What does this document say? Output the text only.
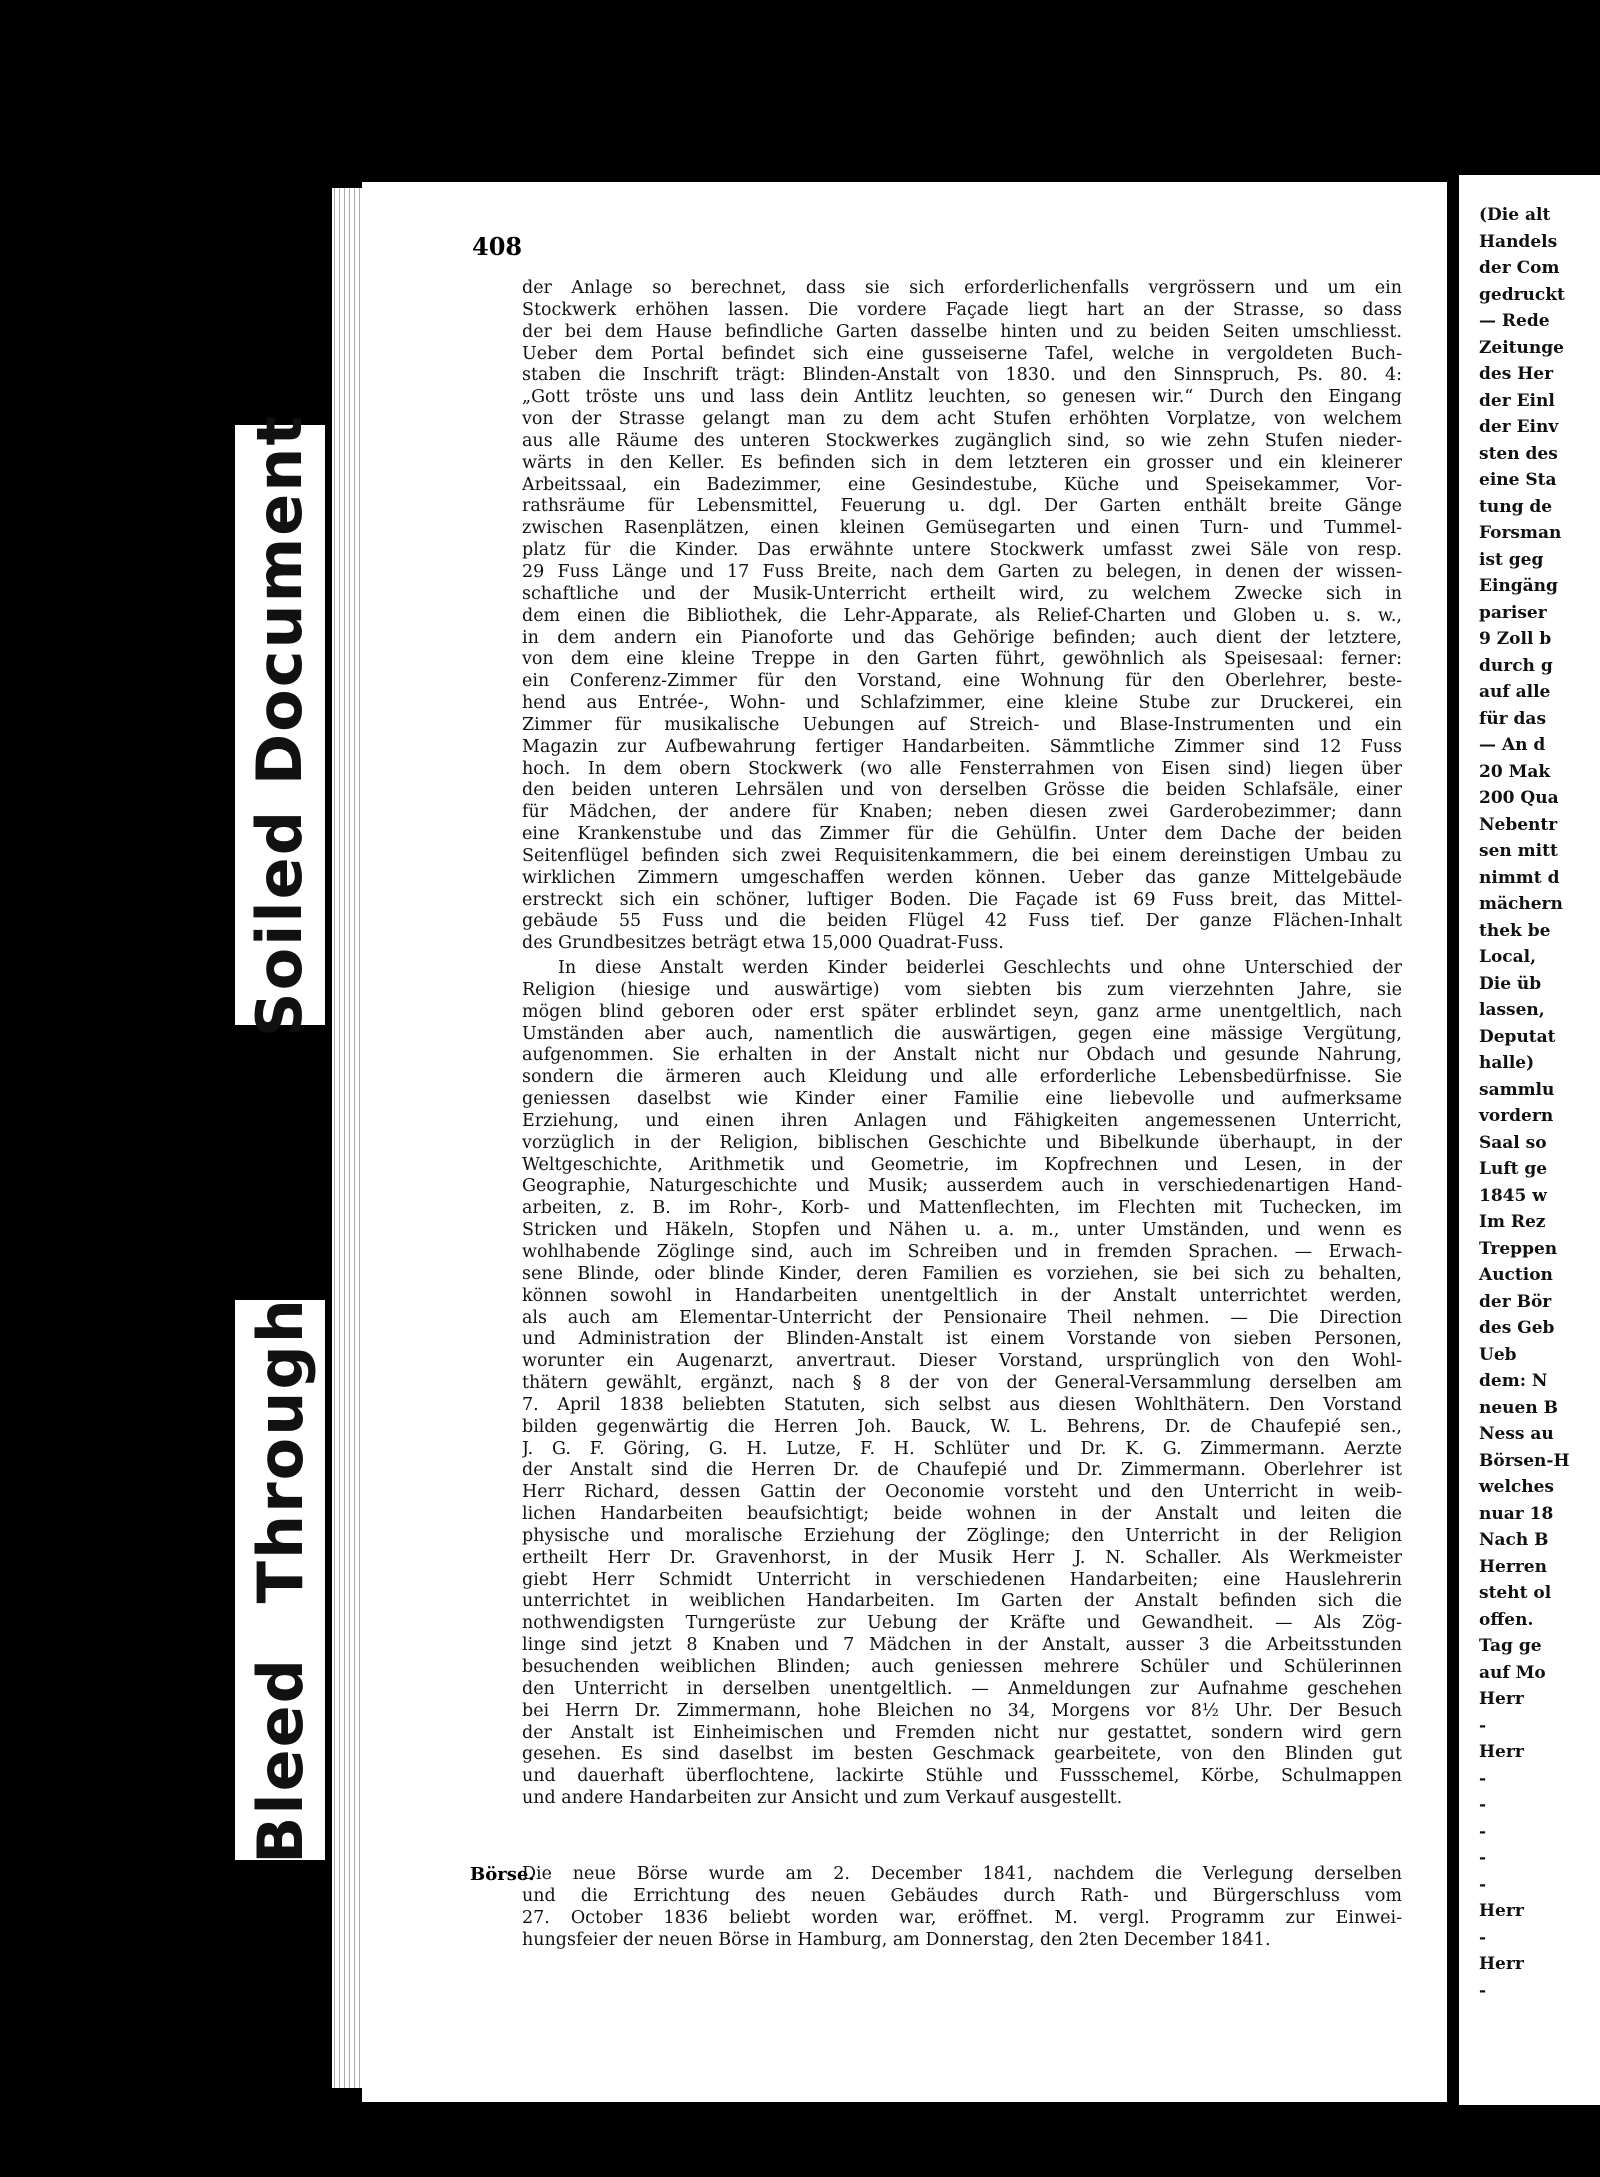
Soiled Document
Bleed Through
(Die alt
Handels
der Com
gedruckt
— Rede
Zeitunge
des Her
der Einl
der Einv
sten des
eine Sta
tung de
Forsman
ist geg
Eingäng
pariser
9 Zoll b
durch g
auf alle
für das
— An d
20 Mak
200 Qua
Nebentr
sen mitt
nimmt d
mächern
thek be
Local,
Die üb
lassen,
Deputat
halle)
sammlu
vordern
Saal so
Luft ge
1845 w
Im Rez
Treppen
Auction
der Bör
des Geb
Ueb
dem: N
neuen B
Ness au
Börsen-H
welches
nuar 18
Nach B
Herren
steht ol
offen.
Tag ge
auf Mo
Herr
-
Herr
-
-
-
-
-
Herr
-
Herr
-
408
der Anlage so berechnet, dass sie sich erforderlichenfalls vergrössern und um ein
Stockwerk erhöhen lassen. Die vordere Façade liegt hart an der Strasse, so dass
der bei dem Hause befindliche Garten dasselbe hinten und zu beiden Seiten umschliesst.
Ueber dem Portal befindet sich eine gusseiserne Tafel, welche in vergoldeten Buch-
staben die Inschrift trägt: Blinden-Anstalt von 1830. und den Sinnspruch, Ps. 80. 4:
„Gott tröste uns und lass dein Antlitz leuchten, so genesen wir.“ Durch den Eingang
von der Strasse gelangt man zu dem acht Stufen erhöhten Vorplatze, von welchem
aus alle Räume des unteren Stockwerkes zugänglich sind, so wie zehn Stufen nieder-
wärts in den Keller. Es befinden sich in dem letzteren ein grosser und ein kleinerer
Arbeitssaal, ein Badezimmer, eine Gesindestube, Küche und Speisekammer, Vor-
rathsräume für Lebensmittel, Feuerung u. dgl. Der Garten enthält breite Gänge
zwischen Rasenplätzen, einen kleinen Gemüsegarten und einen Turn- und Tummel-
platz für die Kinder. Das erwähnte untere Stockwerk umfasst zwei Säle von resp.
29 Fuss Länge und 17 Fuss Breite, nach dem Garten zu belegen, in denen der wissen-
schaftliche und der Musik-Unterricht ertheilt wird, zu welchem Zwecke sich in
dem einen die Bibliothek, die Lehr-Apparate, als Relief-Charten und Globen u. s. w.,
in dem andern ein Pianoforte und das Gehörige befinden; auch dient der letztere,
von dem eine kleine Treppe in den Garten führt, gewöhnlich als Speisesaal: ferner:
ein Conferenz-Zimmer für den Vorstand, eine Wohnung für den Oberlehrer, beste-
hend aus Entrée-, Wohn- und Schlafzimmer, eine kleine Stube zur Druckerei, ein
Zimmer für musikalische Uebungen auf Streich- und Blase-Instrumenten und ein
Magazin zur Aufbewahrung fertiger Handarbeiten. Sämmtliche Zimmer sind 12 Fuss
hoch. In dem obern Stockwerk (wo alle Fensterrahmen von Eisen sind) liegen über
den beiden unteren Lehrsälen und von derselben Grösse die beiden Schlafsäle, einer
für Mädchen, der andere für Knaben; neben diesen zwei Garderobezimmer; dann
eine Krankenstube und das Zimmer für die Gehülfin. Unter dem Dache der beiden
Seitenflügel befinden sich zwei Requisitenkammern, die bei einem dereinstigen Umbau zu
wirklichen Zimmern umgeschaffen werden können. Ueber das ganze Mittelgebäude
erstreckt sich ein schöner, luftiger Boden. Die Façade ist 69 Fuss breit, das Mittel-
gebäude 55 Fuss und die beiden Flügel 42 Fuss tief. Der ganze Flächen-Inhalt
des Grundbesitzes beträgt etwa 15,000 Quadrat-Fuss.
In diese Anstalt werden Kinder beiderlei Geschlechts und ohne Unterschied der
Religion (hiesige und auswärtige) vom siebten bis zum vierzehnten Jahre, sie
mögen blind geboren oder erst später erblindet seyn, ganz arme unentgeltlich, nach
Umständen aber auch, namentlich die auswärtigen, gegen eine mässige Vergütung,
aufgenommen. Sie erhalten in der Anstalt nicht nur Obdach und gesunde Nahrung,
sondern die ärmeren auch Kleidung und alle erforderliche Lebensbedürfnisse. Sie
geniessen daselbst wie Kinder einer Familie eine liebevolle und aufmerksame
Erziehung, und einen ihren Anlagen und Fähigkeiten angemessenen Unterricht,
vorzüglich in der Religion, biblischen Geschichte und Bibelkunde überhaupt, in der
Weltgeschichte, Arithmetik und Geometrie, im Kopfrechnen und Lesen, in der
Geographie, Naturgeschichte und Musik; ausserdem auch in verschiedenartigen Hand-
arbeiten, z. B. im Rohr-, Korb- und Mattenflechten, im Flechten mit Tuchecken, im
Stricken und Häkeln, Stopfen und Nähen u. a. m., unter Umständen, und wenn es
wohlhabende Zöglinge sind, auch im Schreiben und in fremden Sprachen. — Erwach-
sene Blinde, oder blinde Kinder, deren Familien es vorziehen, sie bei sich zu behalten,
können sowohl in Handarbeiten unentgeltlich in der Anstalt unterrichtet werden,
als auch am Elementar-Unterricht der Pensionaire Theil nehmen. — Die Direction
und Administration der Blinden-Anstalt ist einem Vorstande von sieben Personen,
worunter ein Augenarzt, anvertraut. Dieser Vorstand, ursprünglich von den Wohl-
thätern gewählt, ergänzt, nach § 8 der von der General-Versammlung derselben am
7. April 1838 beliebten Statuten, sich selbst aus diesen Wohlthätern. Den Vorstand
bilden gegenwärtig die Herren Joh. Bauck, W. L. Behrens, Dr. de Chaufepié sen.,
J. G. F. Göring, G. H. Lutze, F. H. Schlüter und Dr. K. G. Zimmermann. Aerzte
der Anstalt sind die Herren Dr. de Chaufepié und Dr. Zimmermann. Oberlehrer ist
Herr Richard, dessen Gattin der Oeconomie vorsteht und den Unterricht in weib-
lichen Handarbeiten beaufsichtigt; beide wohnen in der Anstalt und leiten die
physische und moralische Erziehung der Zöglinge; den Unterricht in der Religion
ertheilt Herr Dr. Gravenhorst, in der Musik Herr J. N. Schaller. Als Werkmeister
giebt Herr Schmidt Unterricht in verschiedenen Handarbeiten; eine Hauslehrerin
unterrichtet in weiblichen Handarbeiten. Im Garten der Anstalt befinden sich die
nothwendigsten Turngerüste zur Uebung der Kräfte und Gewandheit. — Als Zög-
linge sind jetzt 8 Knaben und 7 Mädchen in der Anstalt, ausser 3 die Arbeitsstunden
besuchenden weiblichen Blinden; auch geniessen mehrere Schüler und Schülerinnen
den Unterricht in derselben unentgeltlich. — Anmeldungen zur Aufnahme geschehen
bei Herrn Dr. Zimmermann, hohe Bleichen no 34, Morgens vor 8½ Uhr. Der Besuch
der Anstalt ist Einheimischen und Fremden nicht nur gestattet, sondern wird gern
gesehen. Es sind daselbst im besten Geschmack gearbeitete, von den Blinden gut
und dauerhaft überflochtene, lackirte Stühle und Fussschemel, Körbe, Schulmappen
und andere Handarbeiten zur Ansicht und zum Verkauf ausgestellt.
Börse.
Die neue Börse wurde am 2. December 1841, nachdem die Verlegung derselben
und die Errichtung des neuen Gebäudes durch Rath- und Bürgerschluss vom
27. October 1836 beliebt worden war, eröffnet. M. vergl. Programm zur Einwei-
hungsfeier der neuen Börse in Hamburg, am Donnerstag, den 2ten December 1841.
